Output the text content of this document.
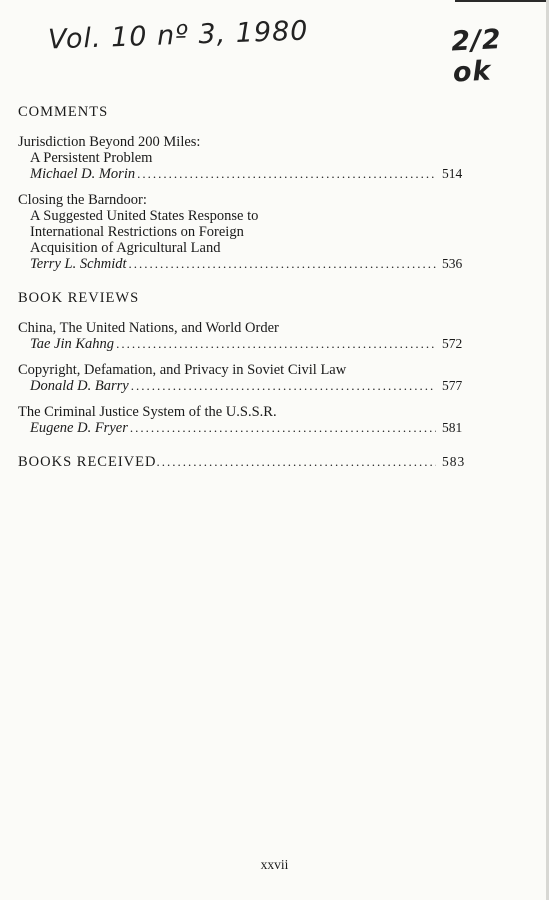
Vol. 10 nº 3, 1980	2/2 ok
COMMENTS
Jurisdiction Beyond 200 Miles:
A Persistent Problem
Michael D. Morin .....	514
Closing the Barndoor:
A Suggested United States Response to
International Restrictions on Foreign
Acquisition of Agricultural Land
Terry L. Schmidt .....	536
BOOK REVIEWS
China, The United Nations, and World Order
Tae Jin Kahng .....	572
Copyright, Defamation, and Privacy in Soviet Civil Law
Donald D. Barry .....	577
The Criminal Justice System of the U.S.S.R.
Eugene D. Fryer .....	581
BOOKS RECEIVED .....	583
xxvii
